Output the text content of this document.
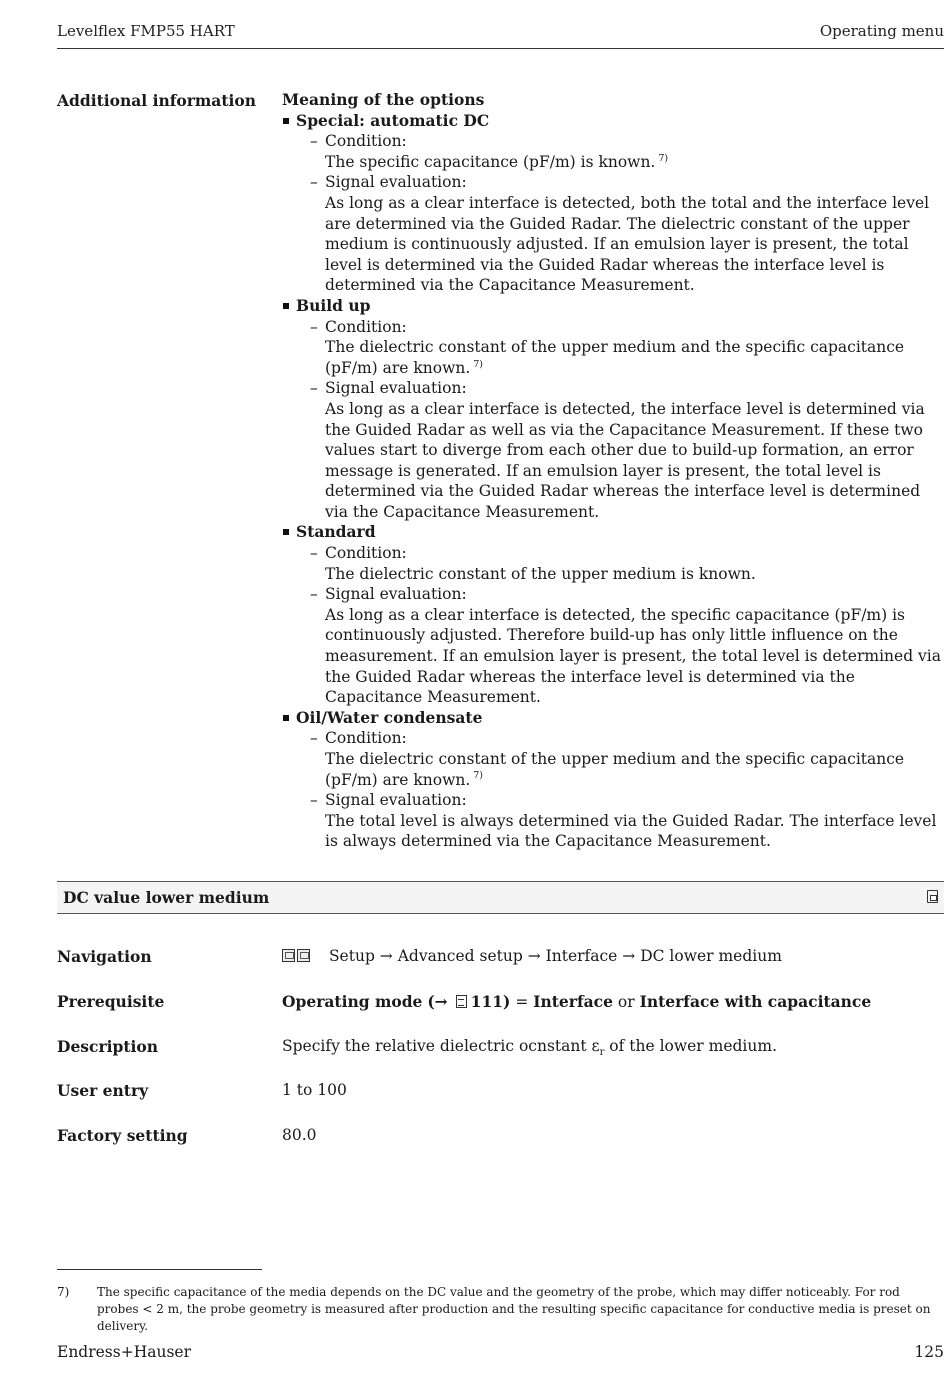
Levelflex FMP55 HART	Operating menu
Additional information Meaning of the options
Special: automatic DC
– Condition:
The specific capacitance (pF/m) is known. $^{7)}$
– Signal evaluation:
As long as a clear interface is detected, both the total and the interface level are determined via the Guided Radar. The dielectric constant of the upper medium is continuously adjusted. If an emulsion layer is present, the total level is determined via the Guided Radar whereas the interface level is determined via the Capacitance Measurement.
Build up
– Condition:
The dielectric constant of the upper medium and the specific capacitance (pF/m) are known. $^{7)}$
– Signal evaluation:
As long as a clear interface is detected, the interface level is determined via the Guided Radar as well as via the Capacitance Measurement. If these two values start to diverge from each other due to build-up formation, an error message is generated. If an emulsion layer is present, the total level is determined via the Guided Radar whereas the interface level is determined via the Capacitance Measurement.
Standard
– Condition:
The dielectric constant of the upper medium is known.
– Signal evaluation:
As long as a clear interface is detected, the specific capacitance (pF/m) is continuously adjusted. Therefore build-up has only little influence on the measurement. If an emulsion layer is present, the total level is determined via the Guided Radar whereas the interface level is determined via the Capacitance Measurement.
Oil/Water condensate
– Condition:
The dielectric constant of the upper medium and the specific capacitance (pF/m) are known. $^{7)}$
– Signal evaluation:
The total level is always determined via the Guided Radar. The interface level is always determined via the Capacitance Measurement.
DC value lower medium
Navigation	Setup → Advanced setup → Interface → DC lower medium
Prerequisite	Operating mode (→ 111) = Interface or Interface with capacitance
Description	Specify the relative dielectric ocnstant $\varepsilon_r$ of the lower medium.
User entry	1 to 100
Factory setting	80.0
7) The specific capacitance of the media depends on the DC value and the geometry of the probe, which may differ noticeably. For rod probes < 2 m, the probe geometry is measured after production and the resulting specific capacitance for conductive media is preset on delivery.
Endress+Hauser	125
